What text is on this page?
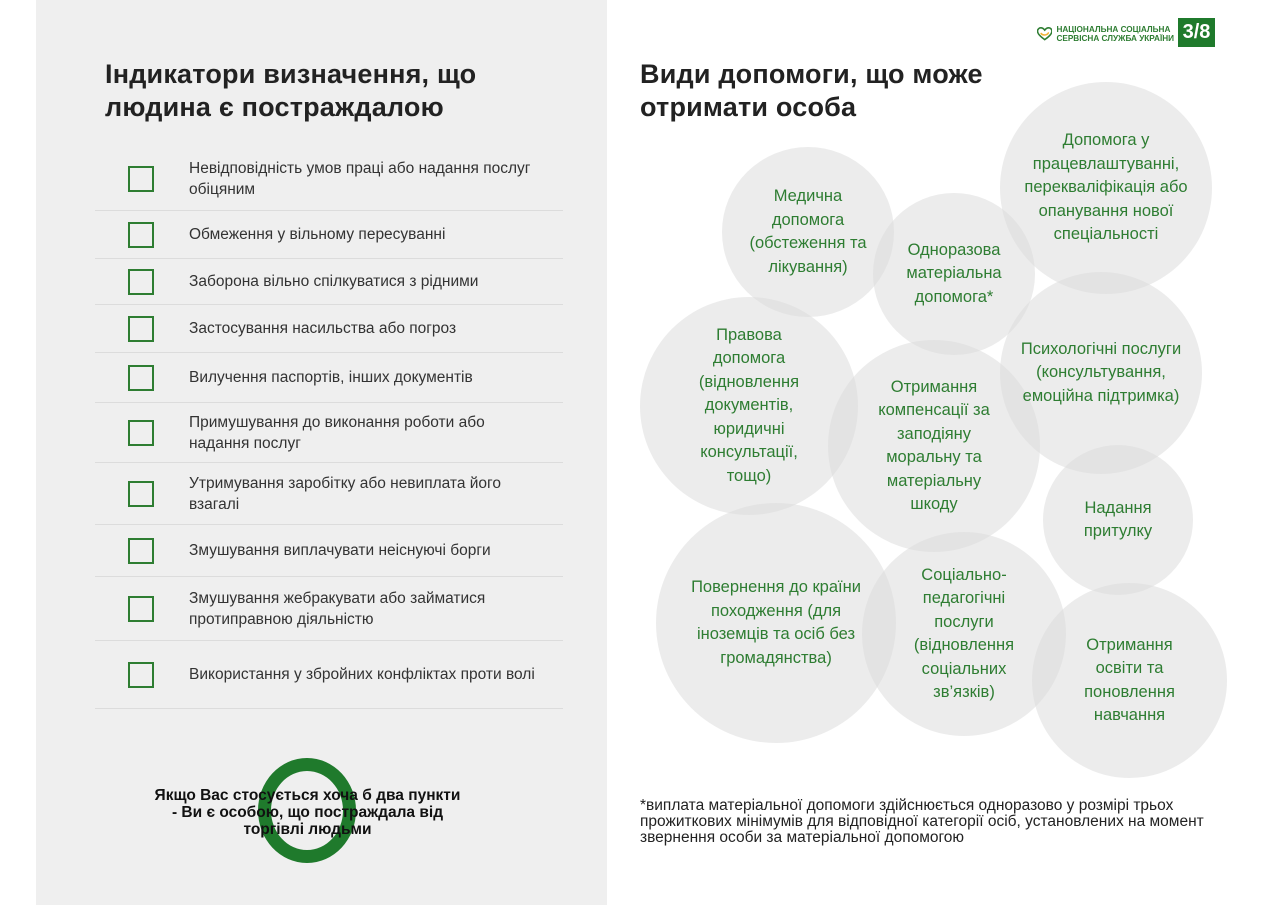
Індикатори визначення, що людина є постраждалою
Невідповідність умов праці або надання послуг обіцяним
Обмеження у вільному пересуванні
Заборона вільно спілкуватися з рідними
Застосування насильства або погроз
Вилучення паспортів, інших документів
Примушування до виконання роботи або надання послуг
Утримування заробітку або невиплата його взагалі
Змушування виплачувати неіснуючі борги
Змушування жебракувати або займатися протиправною діяльністю
Використання у збройних конфліктах проти волі
Якщо Вас стосується хоча б два пункти - Ви є особою, що постраждала від торгівлі людьми
Види допомоги, що може отримати особа
НАЦІОНАЛЬНА СОЦІАЛЬНА СЕРВІСНА СЛУЖБА УКРАЇНИ 3/8
Медична допомога (обстеження та лікування)
Одноразова матеріальна допомога*
Допомога у працевлаштуванні, перекваліфікація або опанування нової спеціальності
Правова допомога (відновлення документів, юридичні консультації, тощо)
Отримання компенсації за заподіяну моральну та матеріальну шкоду
Психологічні послуги (консультування, емоційна підтримка)
Надання притулку
Повернення до країни походження (для іноземців та осіб без громадянства)
Соціально-педагогічні послуги (відновлення соціальних зв’язків)
Отримання освіти та поновлення навчання
*виплата матеріальної допомоги здійснюється одноразово у розмірі трьох прожиткових мінімумів для відповідної категорії осіб, установлених на момент звернення особи за матеріальної допомогою
